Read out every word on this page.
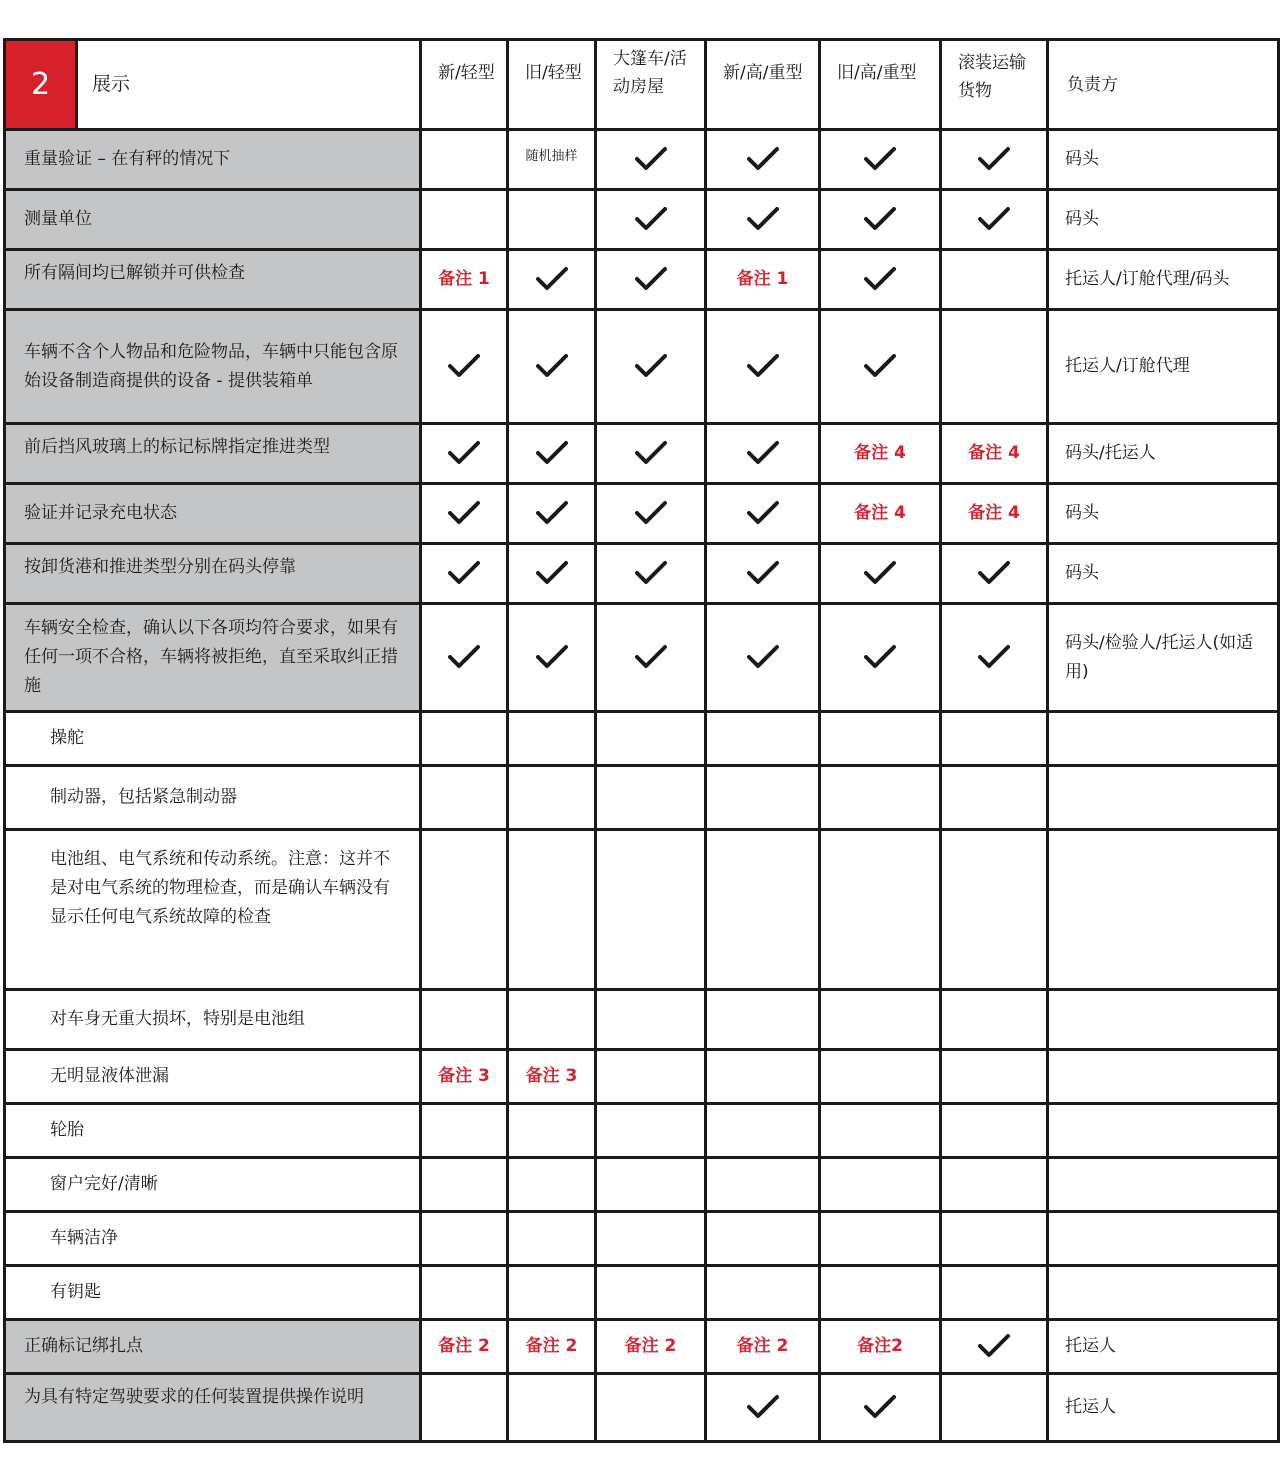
2	展示	新/轻型	旧/轻型	大篷车/活动房屋	新/高/重型	旧/高/重型	滚装运输货物	负责方
重量验证 – 在有秤的情况下			随机抽样					码头
测量单位								码头
所有隔间均已解锁并可供检查		备注 1			备注 1			托运人/订舱代理/码头
车辆不含个人物品和危险物品，车辆中只能包含原始设备制造商提供的设备 - 提供装箱单								托运人/订舱代理
前后挡风玻璃上的标记标牌指定推进类型						备注 4	备注 4	码头/托运人
验证并记录充电状态						备注 4	备注 4	码头
按卸货港和推进类型分别在码头停靠								码头
车辆安全检查，确认以下各项均符合要求，如果有任何一项不合格，车辆将被拒绝，直至采取纠正措施								码头/检验人/托运人(如适用)
操舵								
制动器，包括紧急制动器								
电池组、电气系统和传动系统。注意：这并不是对电气系统的物理检查，而是确认车辆没有显示任何电气系统故障的检查								
对车身无重大损坏，特别是电池组								
无明显液体泄漏		备注 3	备注 3					
轮胎								
窗户完好/清晰								
车辆洁净								
有钥匙								
正确标记绑扎点		备注 2	备注 2	备注 2	备注 2	备注2		托运人
为具有特定驾驶要求的任何装置提供操作说明								托运人
